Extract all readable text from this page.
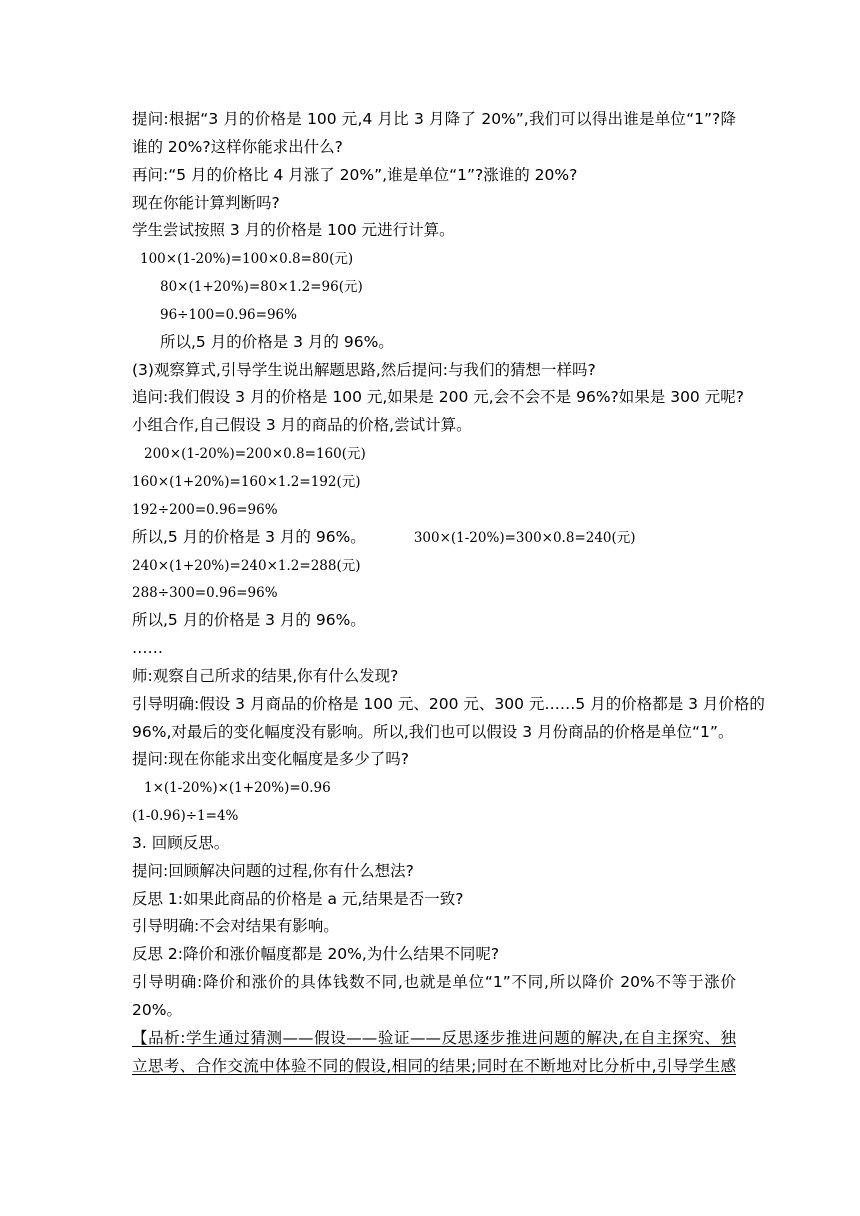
提问:根据“3 月的价格是 100 元,4 月比 3 月降了 20%”,我们可以得出谁是单位“1”?降
谁的 20%?这样你能求出什么?
再问:“5 月的价格比 4 月涨了 20%”,谁是单位“1”?涨谁的 20%?
现在你能计算判断吗?
学生尝试按照 3 月的价格是 100 元进行计算。
100×(1-20%)=100×0.8=80(元)
80×(1+20%)=80×1.2=96(元)
96÷100=0.96=96%
所以,5 月的价格是 3 月的 96%。
(3)观察算式,引导学生说出解题思路,然后提问:与我们的猜想一样吗?
追问:我们假设 3 月的价格是 100 元,如果是 200 元,会不会不是 96%?如果是 300 元呢?
小组合作,自己假设 3 月的商品的价格,尝试计算。
200×(1-20%)=200×0.8=160(元)
160×(1+20%)=160×1.2=192(元)
192÷200=0.96=96%
所以,5 月的价格是 3 月的 96%。	300×(1-20%)=300×0.8=240(元)
240×(1+20%)=240×1.2=288(元)
288÷300=0.96=96%
所以,5 月的价格是 3 月的 96%。
……
师:观察自己所求的结果,你有什么发现?
引导明确:假设 3 月商品的价格是 100 元、200 元、300 元……5 月的价格都是 3 月价格的
96%,对最后的变化幅度没有影响。所以,我们也可以假设 3 月份商品的价格是单位“1”。
提问:现在你能求出变化幅度是多少了吗?
1×(1-20%)×(1+20%)=0.96
(1-0.96)÷1=4%
3. 回顾反思。
提问:回顾解决问题的过程,你有什么想法?
反思 1:如果此商品的价格是 a 元,结果是否一致?
引导明确:不会对结果有影响。
反思 2:降价和涨价幅度都是 20%,为什么结果不同呢?
引导明确:降价和涨价的具体钱数不同,也就是单位“1”不同,所以降价 20%不等于涨价
20%。
【品析:学生通过猜测——假设——验证——反思逐步推进问题的解决,在自主探究、独
立思考、合作交流中体验不同的假设,相同的结果;同时在不断地对比分析中,引导学生感
